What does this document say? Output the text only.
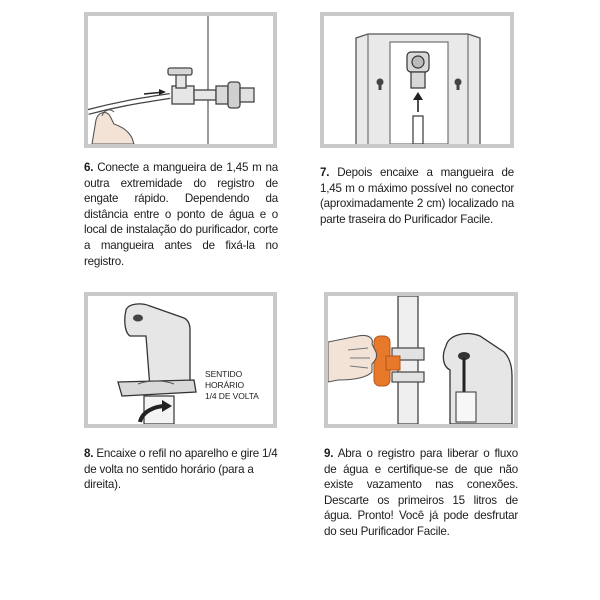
6. Conecte a mangueira de 1,45 m na outra extremidade do registro de engate rápido. Dependendo da distância entre o ponto de água e o local de instalação do purificador, corte a mangueira antes de fixá-la no registro.
7. Depois encaixe a mangueira de 1,45 m o máximo possível no conector (aproximadamente 2 cm) localizado na parte traseira do Purificador Facile.
SENTIDO
HORÁRIO
1/4 DE VOLTA
8. Encaixe o refil no aparelho e gire 1/4 de volta no sentido horário (para a direita).
9. Abra o registro para liberar o fluxo de água e certifique-se de que não existe vazamento nas conexões. Descarte os primeiros 15 litros de água. Pronto! Você já pode desfrutar do seu Purificador Facile.
